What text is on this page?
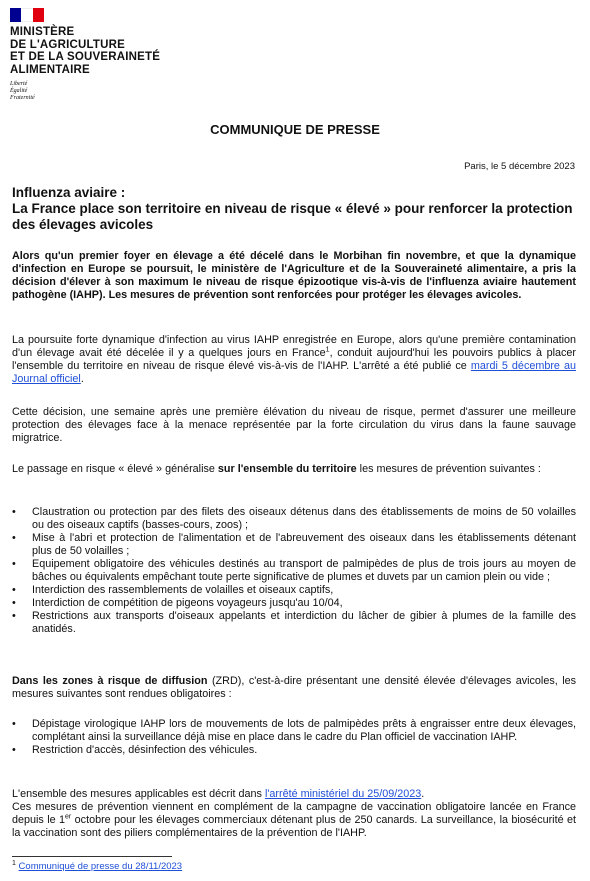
MINISTÈRE
DE L'AGRICULTURE
ET DE LA SOUVERAINETÉ
ALIMENTAIRE
Liberté
Égalité
Fraternité
COMMUNIQUE DE PRESSE
Paris, le 5 décembre 2023
Influenza aviaire :
La France place son territoire en niveau de risque « élevé » pour renforcer la protection des élevages avicoles
Alors qu'un premier foyer en élevage a été décelé dans le Morbihan fin novembre, et que la dynamique d'infection en Europe se poursuit, le ministère de l'Agriculture et de la Souveraineté alimentaire, a pris la décision d'élever à son maximum le niveau de risque épizootique vis-à-vis de l'influenza aviaire hautement pathogène (IAHP). Les mesures de prévention sont renforcées pour protéger les élevages avicoles.
La poursuite forte dynamique d'infection au virus IAHP enregistrée en Europe, alors qu'une première contamination d'un élevage avait été décelée il y a quelques jours en France$^1$, conduit aujourd'hui les pouvoirs publics à placer l'ensemble du territoire en niveau de risque élevé vis-à-vis de l'IAHP. L'arrêté a été publié ce mardi 5 décembre au Journal officiel.
Cette décision, une semaine après une première élévation du niveau de risque, permet d'assurer une meilleure protection des élevages face à la menace représentée par la forte circulation du virus dans la faune sauvage migratrice.
Le passage en risque « élevé » généralise sur l'ensemble du territoire les mesures de prévention suivantes :
• Claustration ou protection par des filets des oiseaux détenus dans des établissements de moins de 50 volailles ou des oiseaux captifs (basses-cours, zoos) ;
• Mise à l'abri et protection de l'alimentation et de l'abreuvement des oiseaux dans les établissements détenant plus de 50 volailles ;
• Equipement obligatoire des véhicules destinés au transport de palmipèdes de plus de trois jours au moyen de bâches ou équivalents empêchant toute perte significative de plumes et duvets par un camion plein ou vide ;
• Interdiction des rassemblements de volailles et oiseaux captifs,
• Interdiction de compétition de pigeons voyageurs jusqu'au 10/04,
• Restrictions aux transports d'oiseaux appelants et interdiction du lâcher de gibier à plumes de la famille des anatidés.
Dans les zones à risque de diffusion (ZRD), c'est-à-dire présentant une densité élevée d'élevages avicoles, les mesures suivantes sont rendues obligatoires :
• Dépistage virologique IAHP lors de mouvements de lots de palmipèdes prêts à engraisser entre deux élevages, complétant ainsi la surveillance déjà mise en place dans le cadre du Plan officiel de vaccination IAHP.
• Restriction d'accès, désinfection des véhicules.
L'ensemble des mesures applicables est décrit dans l'arrêté ministériel du 25/09/2023.
Ces mesures de prévention viennent en complément de la campagne de vaccination obligatoire lancée en France depuis le 1er octobre pour les élevages commerciaux détenant plus de 250 canards. La surveillance, la biosécurité et la vaccination sont des piliers complémentaires de la prévention de l'IAHP.
$^1$ Communiqué de presse du 28/11/2023
